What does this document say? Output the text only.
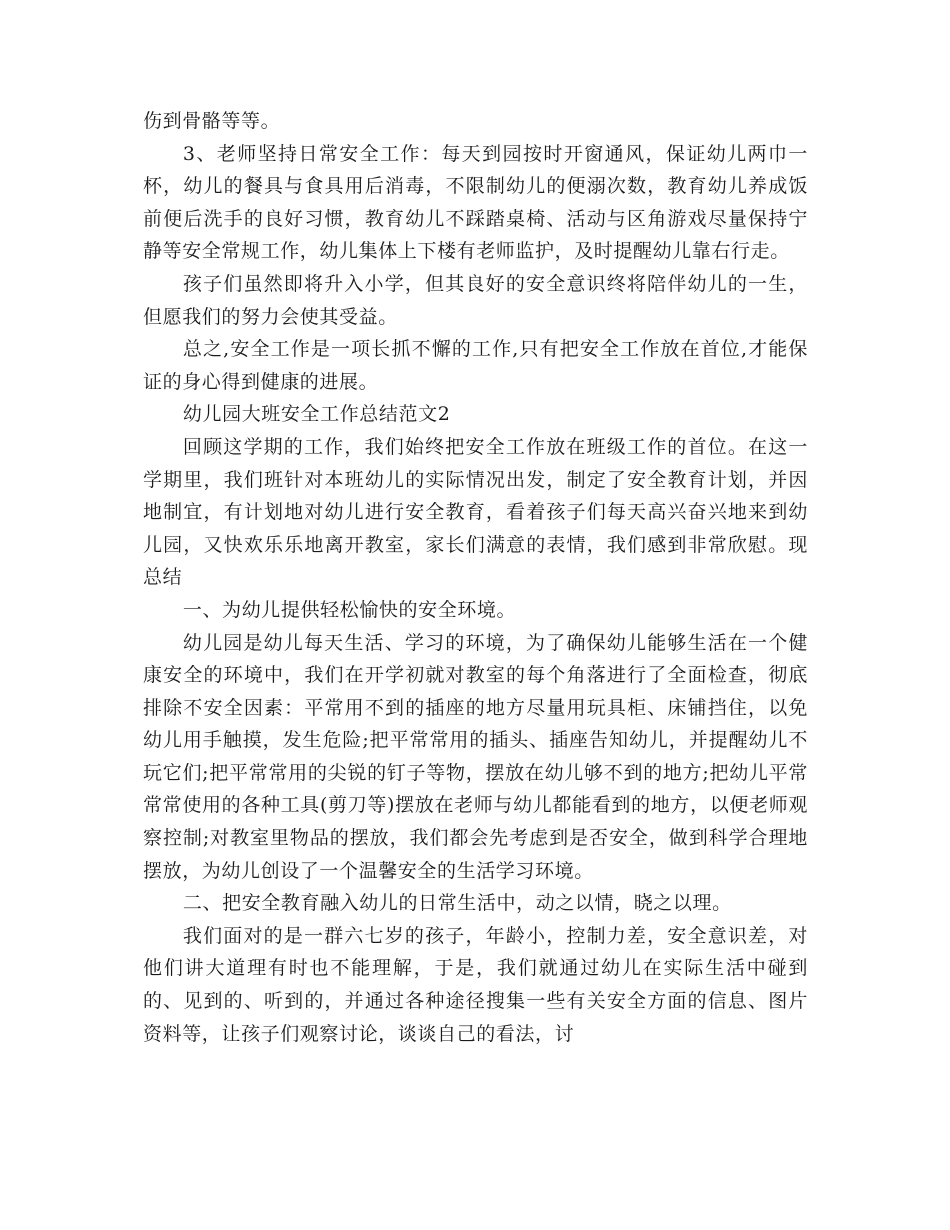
伤到骨骼等等。

3、老师坚持日常安全工作：每天到园按时开窗通风，保证幼儿两巾一杯，幼儿的餐具与食具用后消毒，不限制幼儿的便溺次数，教育幼儿养成饭前便后洗手的良好习惯，教育幼儿不踩踏桌椅、活动与区角游戏尽量保持宁静等安全常规工作，幼儿集体上下楼有老师监护，及时提醒幼儿靠右行走。

孩子们虽然即将升入小学，但其良好的安全意识终将陪伴幼儿的一生，但愿我们的努力会使其受益。

总之,安全工作是一项长抓不懈的工作,只有把安全工作放在首位,才能保证的身心得到健康的进展。

幼儿园大班安全工作总结范文2

回顾这学期的工作，我们始终把安全工作放在班级工作的首位。在这一学期里，我们班针对本班幼儿的实际情况出发，制定了安全教育计划，并因地制宜，有计划地对幼儿进行安全教育，看着孩子们每天高兴奋兴地来到幼儿园，又快欢乐乐地离开教室，家长们满意的表情，我们感到非常欣慰。现总结

一、为幼儿提供轻松愉快的安全环境。

幼儿园是幼儿每天生活、学习的环境，为了确保幼儿能够生活在一个健康安全的环境中，我们在开学初就对教室的每个角落进行了全面检查，彻底排除不安全因素：平常用不到的插座的地方尽量用玩具柜、床铺挡住，以免幼儿用手触摸，发生危险;把平常常用的插头、插座告知幼儿，并提醒幼儿不玩它们;把平常常用的尖锐的钉子等物，摆放在幼儿够不到的地方;把幼儿平常常常使用的各种工具(剪刀等)摆放在老师与幼儿都能看到的地方，以便老师观察控制;对教室里物品的摆放，我们都会先考虑到是否安全，做到科学合理地摆放，为幼儿创设了一个温馨安全的生活学习环境。

二、把安全教育融入幼儿的日常生活中，动之以情，晓之以理。

我们面对的是一群六七岁的孩子，年龄小，控制力差，安全意识差，对他们讲大道理有时也不能理解，于是，我们就通过幼儿在实际生活中碰到的、见到的、听到的，并通过各种途径搜集一些有关安全方面的信息、图片资料等，让孩子们观察讨论，谈谈自己的看法，讨
